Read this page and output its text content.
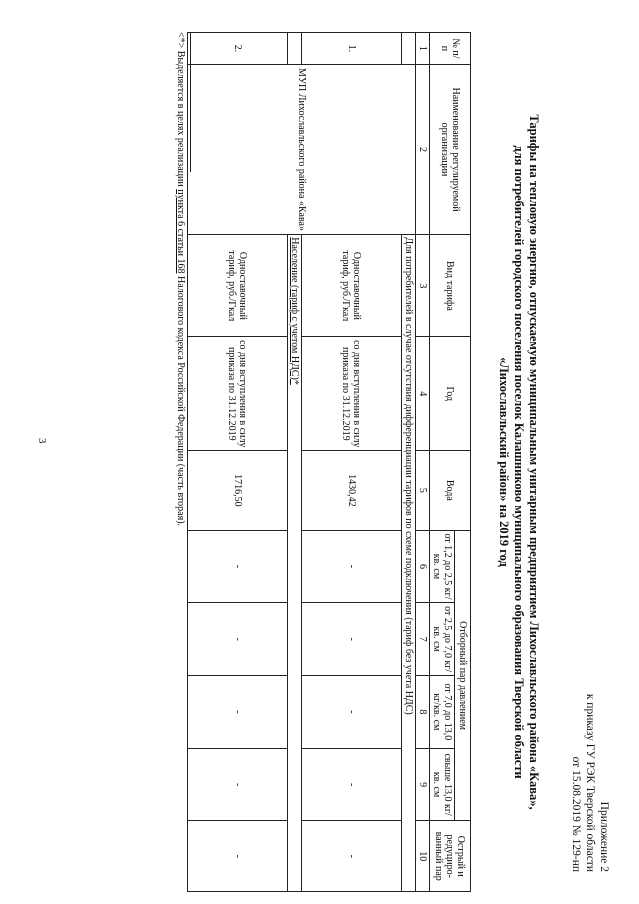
3
Приложение 2
к приказу ГУ РЭК Тверской области
от 15.08.2019 № 129-нп
Тарифы на тепловую энергию, отпускаемую муниципальным унитарным предприятием Лихославльского района «Кава»,
для потребителей городского поселения поселок Калашниково муниципального образования Тверской области
«Лихославльский район» на 2019 год
№ п/ п	Наименование регулируемой организации	Вид тарифа	Год	Вода	Отборный пар давлением				Острый и редуциро-ванный пар
					от 1,2 до 2,5 кг/кв. см	от 2,5 до 7,0 кг/кв. см	от 7,0 до 13,0 кг/кв. см	свыше 13,0 кг/кв. см	
1	2	3	4	5	6	7	8	9	10
	МУП Лихославльского района «Кава»	Для потребителей в случае отсутствия дифференциации тарифов по схеме подключения (тариф без учета НДС)							
1.		Одноставочный тариф, руб./Гкал	со дня вступления в силу приказа по 31.12.2019	1430,42	-	-	-	-	-
		Население (тариф с учетом НДС)*							
2.		Одноставочный тариф, руб./Гкал	со дня вступления в силу приказа по 31.12.2019	1716,50	-	-	-	-	-
<*> Выделяется в целях реализации пункта 6 статьи 168 Налогового кодекса Российской Федерации (часть вторая).
